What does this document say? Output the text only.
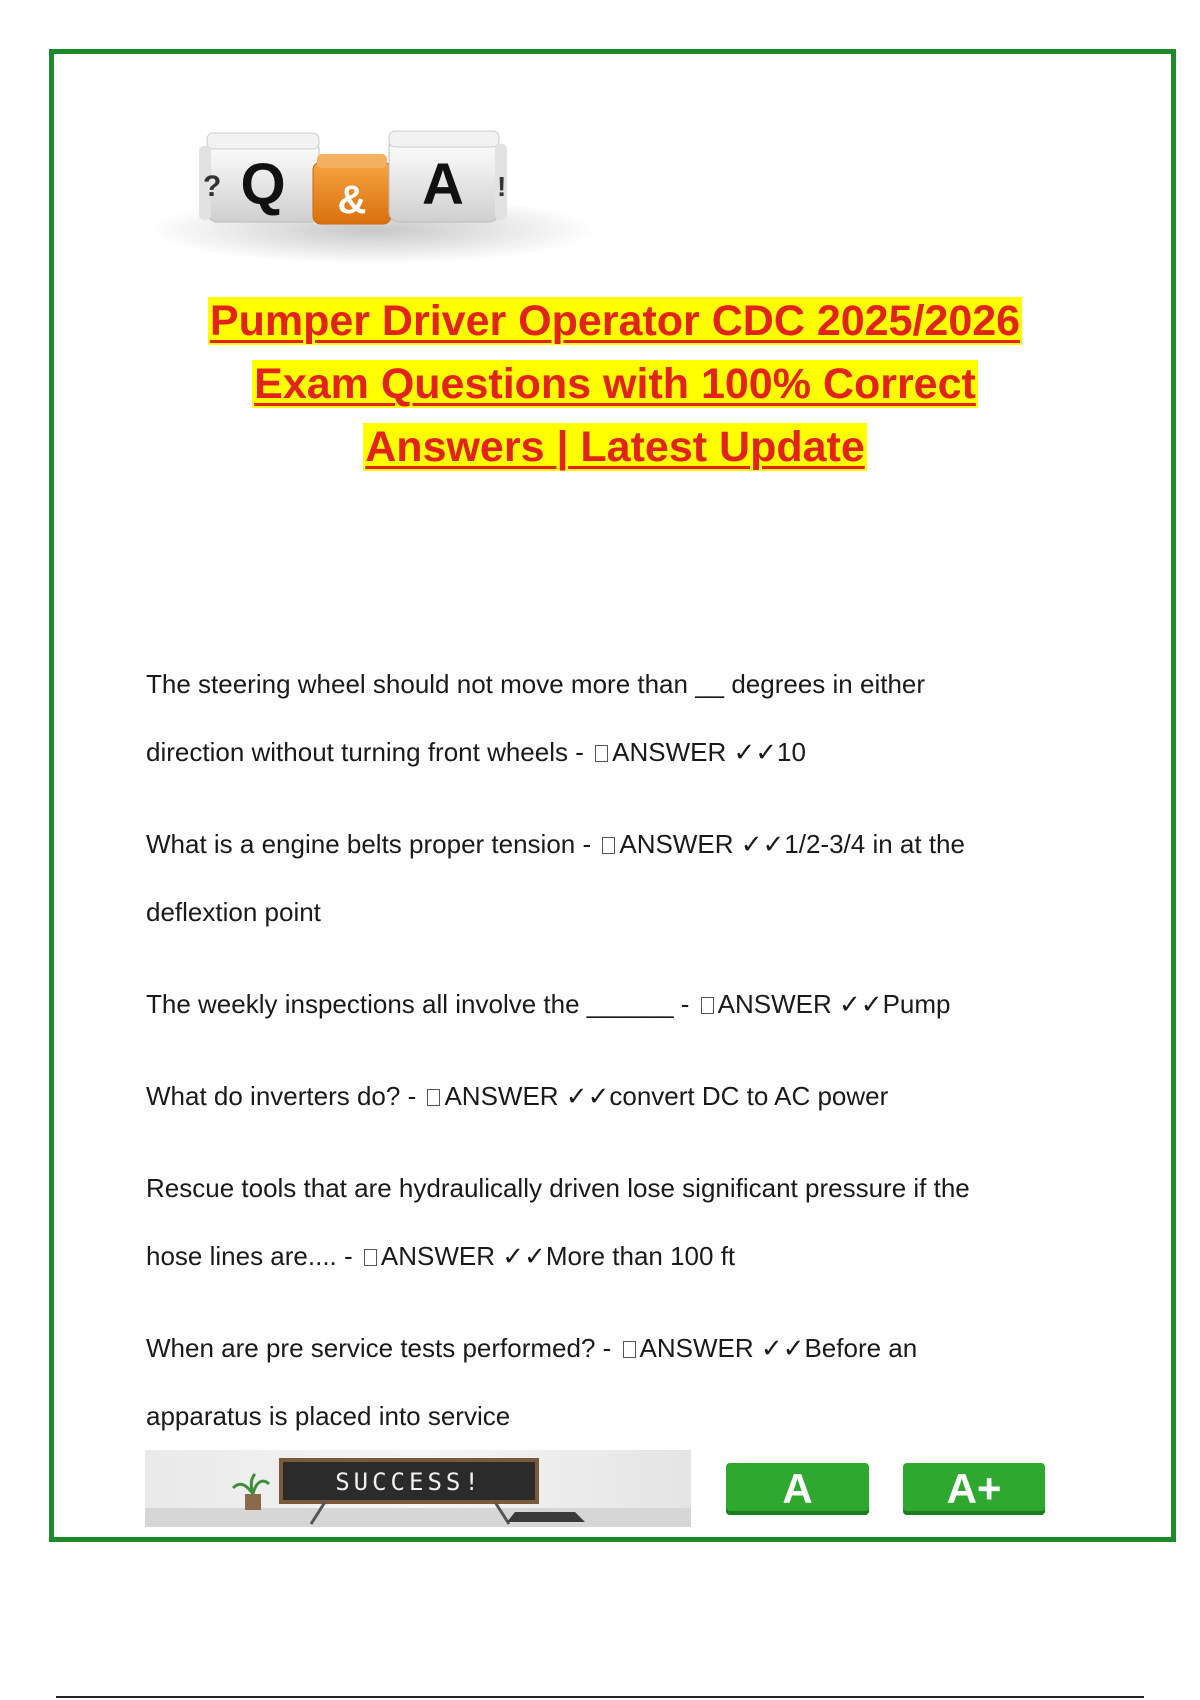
? Q & A !
Pumper Driver Operator CDC 2025/2026
Exam Questions with 100% Correct
Answers | Latest Update
The steering wheel should not move more than __ degrees in either
direction without turning front wheels - ANSWER ✓✓10
What is a engine belts proper tension - ANSWER ✓✓1/2-3/4 in at the
deflextion point
The weekly inspections all involve the ______ - ANSWER ✓✓Pump
What do inverters do? - ANSWER ✓✓convert DC to AC power
Rescue tools that are hydraulically driven lose significant pressure if the
hose lines are.... - ANSWER ✓✓More than 100 ft
When are pre service tests performed? - ANSWER ✓✓Before an
apparatus is placed into service
SUCCESS!	A	A+
